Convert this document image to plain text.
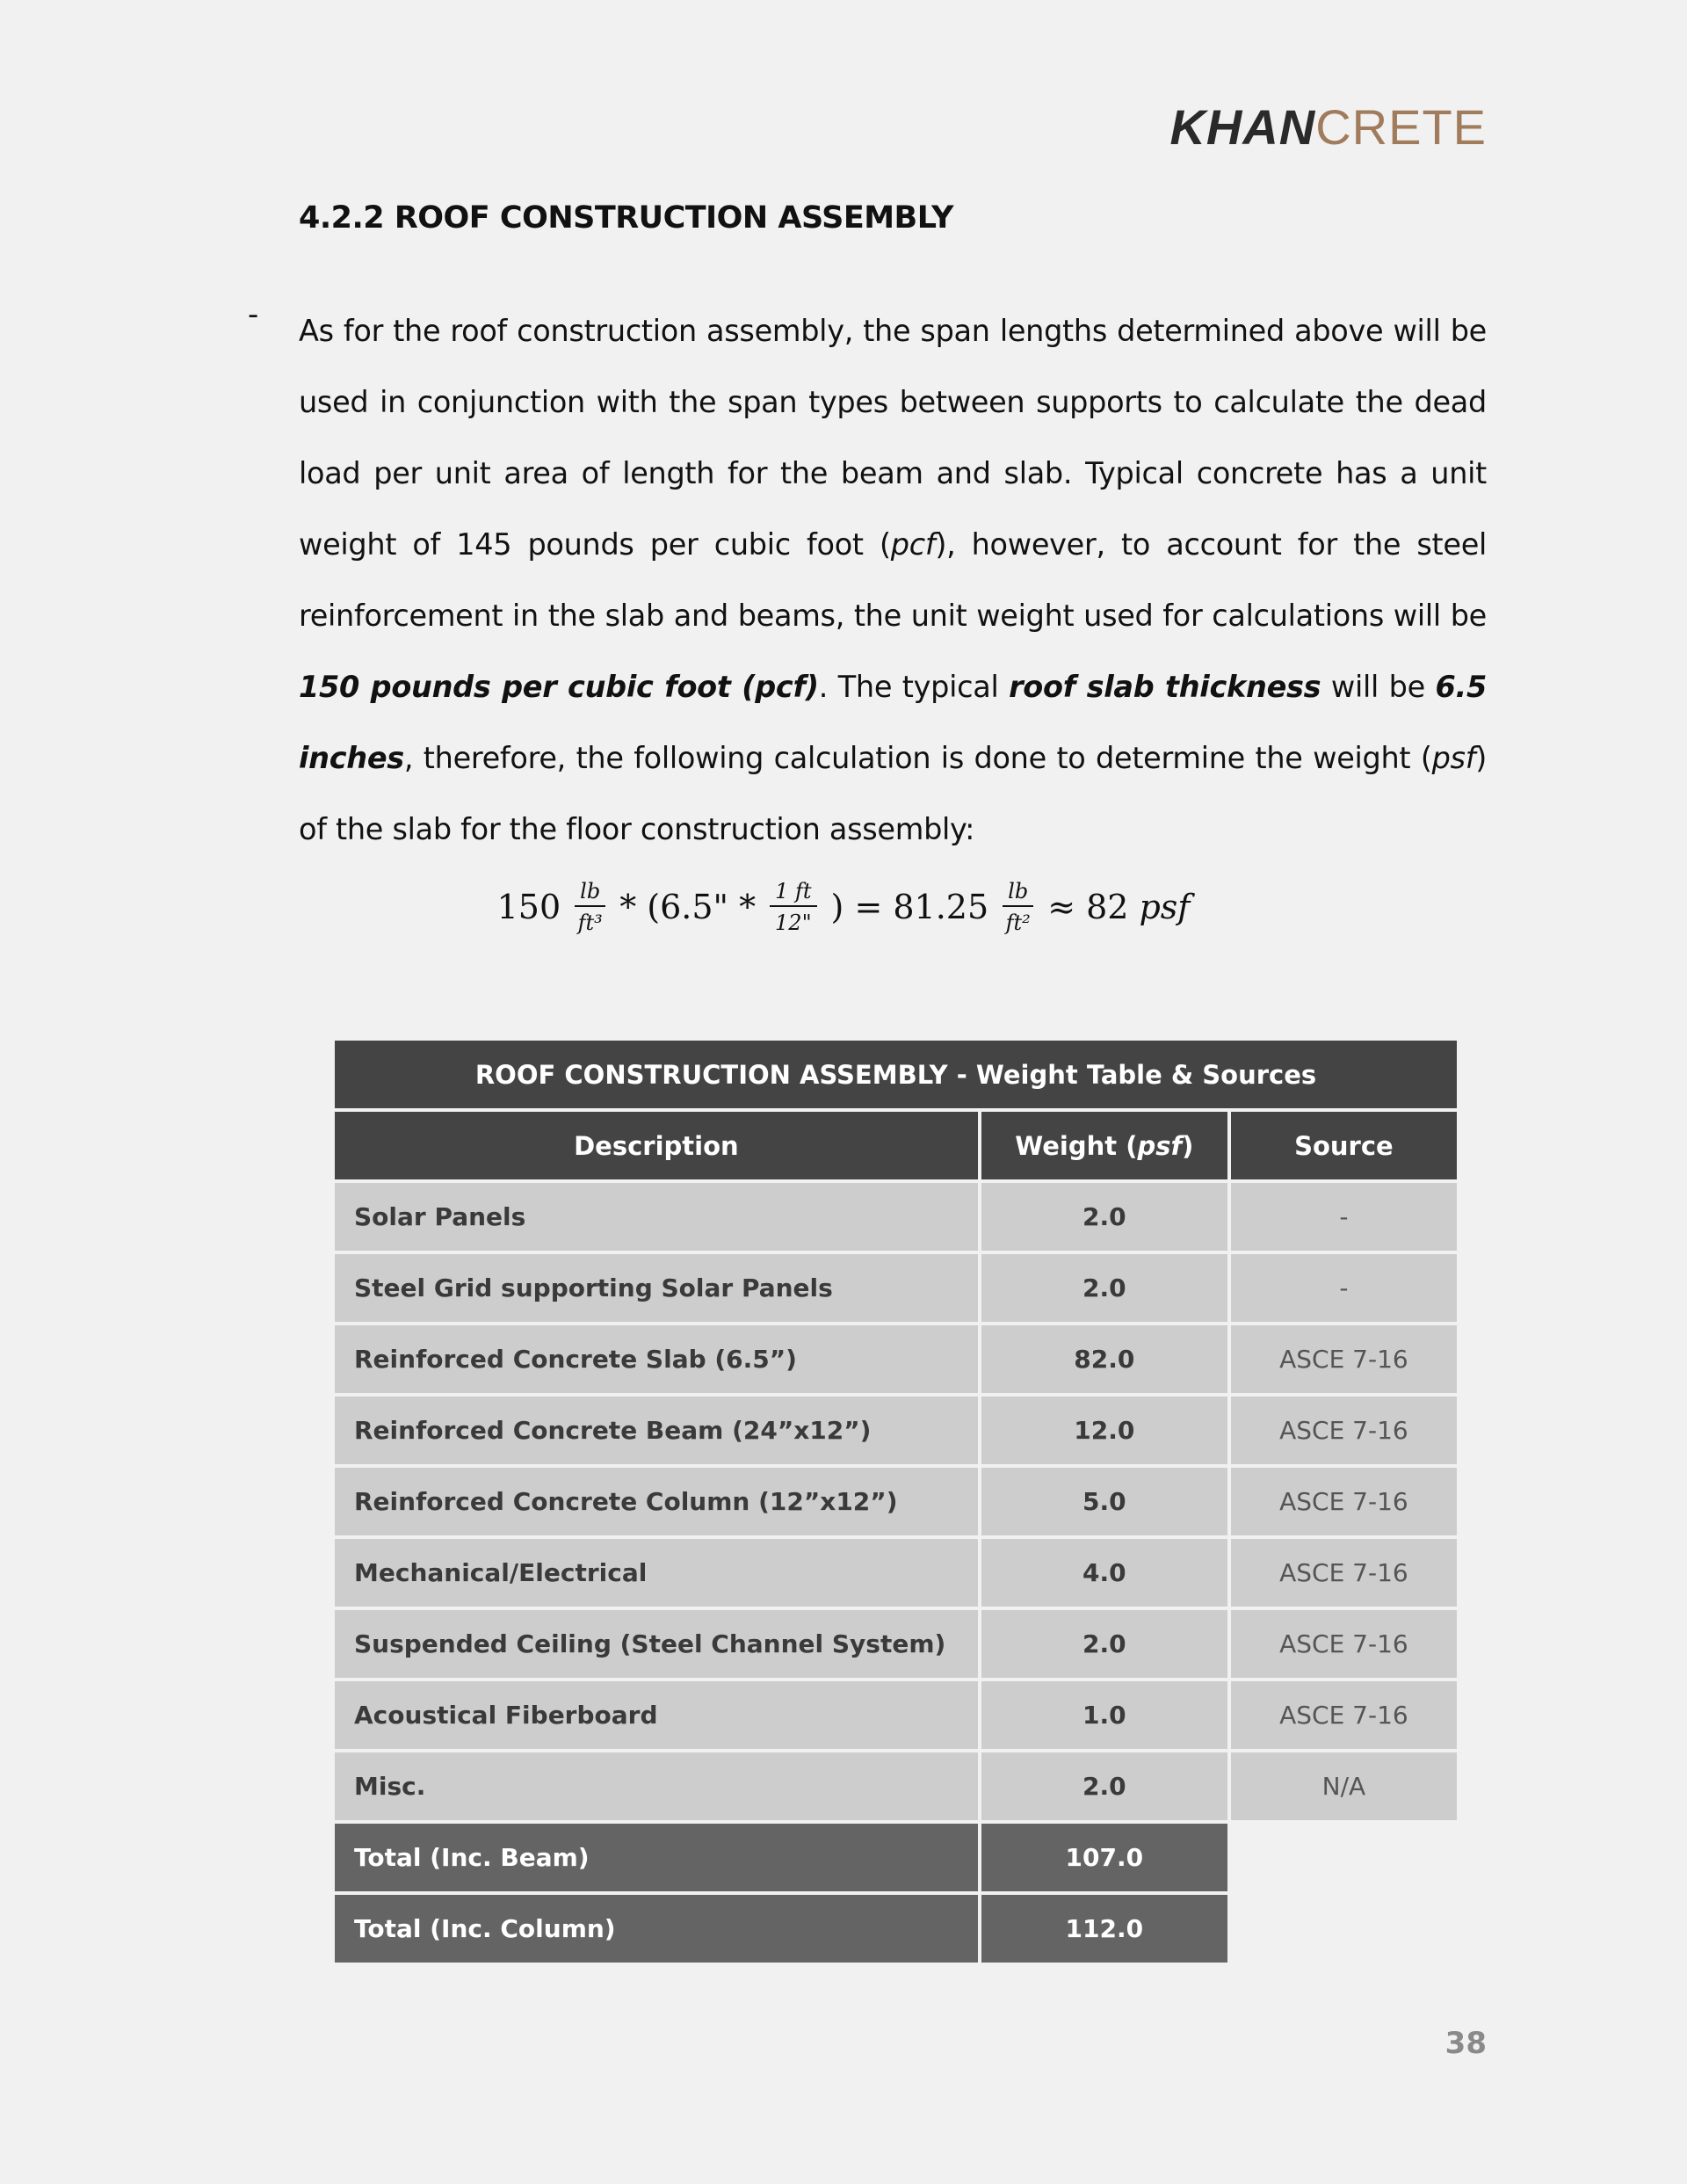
KHANCRETE
4.2.2 ROOF CONSTRUCTION ASSEMBLY
- As for the roof construction assembly, the span lengths determined above will be used in conjunction with the span types between supports to calculate the dead load per unit area of length for the beam and slab. Typical concrete has a unit weight of 145 pounds per cubic foot (pcf), however, to account for the steel reinforcement in the slab and beams, the unit weight used for calculations will be 150 pounds per cubic foot (pcf). The typical roof slab thickness will be 6.5 inches, therefore, the following calculation is done to determine the weight (psf) of the slab for the floor construction assembly:
$150 \frac{lb}{\text{ft³}} * (6.5$" * $\frac{1 ft}{12"}$ ) = $81.25 \frac{lb}{\text{ft²}} \approx 82$ psf
ROOF CONSTRUCTION ASSEMBLY - Weight Table & Sources		
Description	Weight (psf)	Source
Solar Panels	2.0	-
Steel Grid supporting Solar Panels	2.0	-
Reinforced Concrete Slab (6.5”)	82.0	ASCE 7-16
Reinforced Concrete Beam (24”x12”)	12.0	ASCE 7-16
Reinforced Concrete Column (12”x12”)	5.0	ASCE 7-16
Mechanical/Electrical	4.0	ASCE 7-16
Suspended Ceiling (Steel Channel System)	2.0	ASCE 7-16
Acoustical Fiberboard	1.0	ASCE 7-16
Misc.	2.0	N/A
Total (Inc. Beam)	107.0	
Total (Inc. Column)	112.0	
38
